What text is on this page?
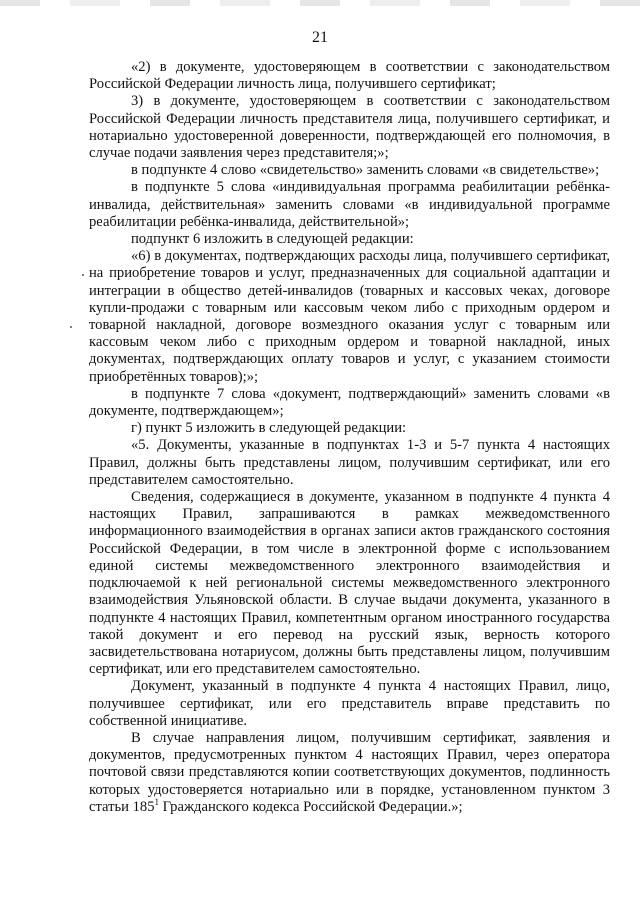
21

«2) в документе, удостоверяющем в соответствии с законодательством Российской Федерации личность лица, получившего сертификат;

3) в документе, удостоверяющем в соответствии с законодательством Российской Федерации личность представителя лица, получившего сертификат, и нотариально удостоверенной доверенности, подтверждающей его полномочия, в случае подачи заявления через представителя;»;

в подпункте 4 слово «свидетельство» заменить словами «в свидетельстве»;

в подпункте 5 слова «индивидуальная программа реабилитации ребёнка-инвалида, действительная» заменить словами «в индивидуальной программе реабилитации ребёнка-инвалида, действительной»;

подпункт 6 изложить в следующей редакции:

«6) в документах, подтверждающих расходы лица, получившего сертификат, на приобретение товаров и услуг, предназначенных для социальной адаптации и интеграции в общество детей-инвалидов (товарных и кассовых чеках, договоре купли-продажи с товарным или кассовым чеком либо с приходным ордером и товарной накладной, договоре возмездного оказания услуг с товарным или кассовым чеком либо с приходным ордером и товарной накладной, иных документах, подтверждающих оплату товаров и услуг, с указанием стоимости приобретённых товаров);»;

в подпункте 7 слова «документ, подтверждающий» заменить словами «в документе, подтверждающем»;

г) пункт 5 изложить в следующей редакции:

«5. Документы, указанные в подпунктах 1-3 и 5-7 пункта 4 настоящих Правил, должны быть представлены лицом, получившим сертификат, или его представителем самостоятельно.

Сведения, содержащиеся в документе, указанном в подпункте 4 пункта 4 настоящих Правил, запрашиваются в рамках межведомственного информационного взаимодействия в органах записи актов гражданского состояния Российской Федерации, в том числе в электронной форме с использованием единой системы межведомственного электронного взаимодействия и подключаемой к ней региональной системы межведомственного электронного взаимодействия Ульяновской области. В случае выдачи документа, указанного в подпункте 4 настоящих Правил, компетентным органом иностранного государства такой документ и его перевод на русский язык, верность которого засвидетельствована нотариусом, должны быть представлены лицом, получившим сертификат, или его представителем самостоятельно.

Документ, указанный в подпункте 4 пункта 4 настоящих Правил, лицо, получившее сертификат, или его представитель вправе представить по собственной инициативе.

В случае направления лицом, получившим сертификат, заявления и документов, предусмотренных пунктом 4 настоящих Правил, через оператора почтовой связи представляются копии соответствующих документов, подлинность которых удостоверяется нотариально или в порядке, установленном пунктом 3 статьи 185$^1$ Гражданского кодекса Российской Федерации.»;
